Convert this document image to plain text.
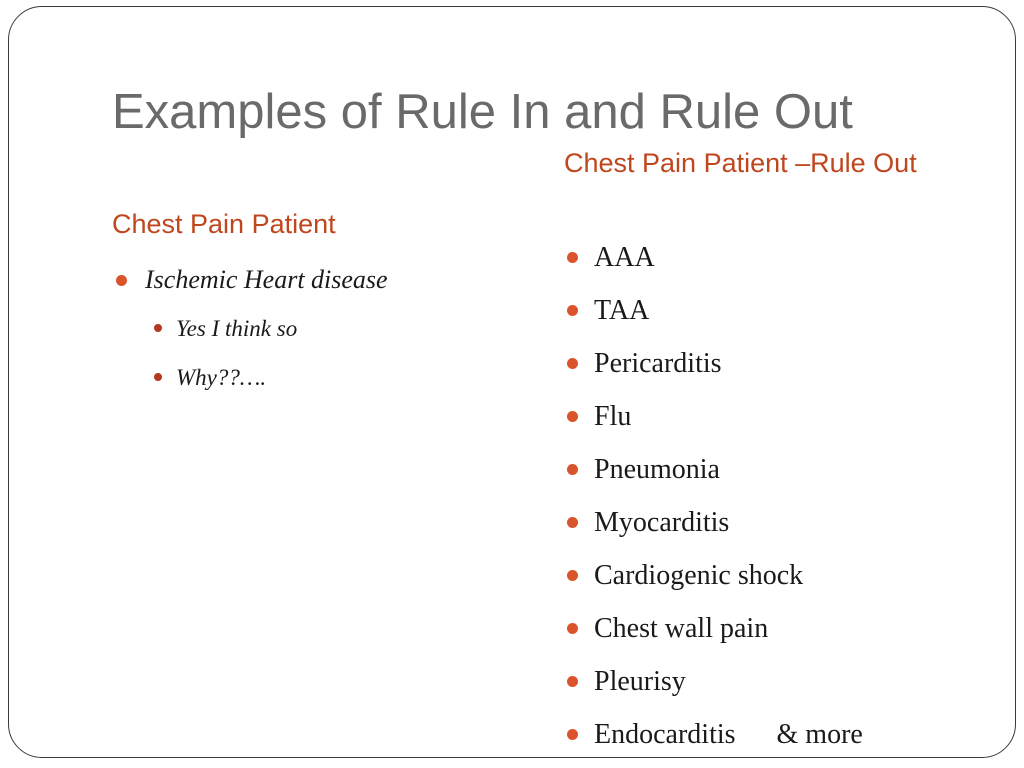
Examples of Rule In and Rule Out
Chest Pain Patient
Ischemic Heart disease
Yes I think so
Why??….
Chest Pain Patient –Rule Out
AAA
TAA
Pericarditis
Flu
Pneumonia
Myocarditis
Cardiogenic shock
Chest wall pain
Pleurisy
Endocarditis & more
